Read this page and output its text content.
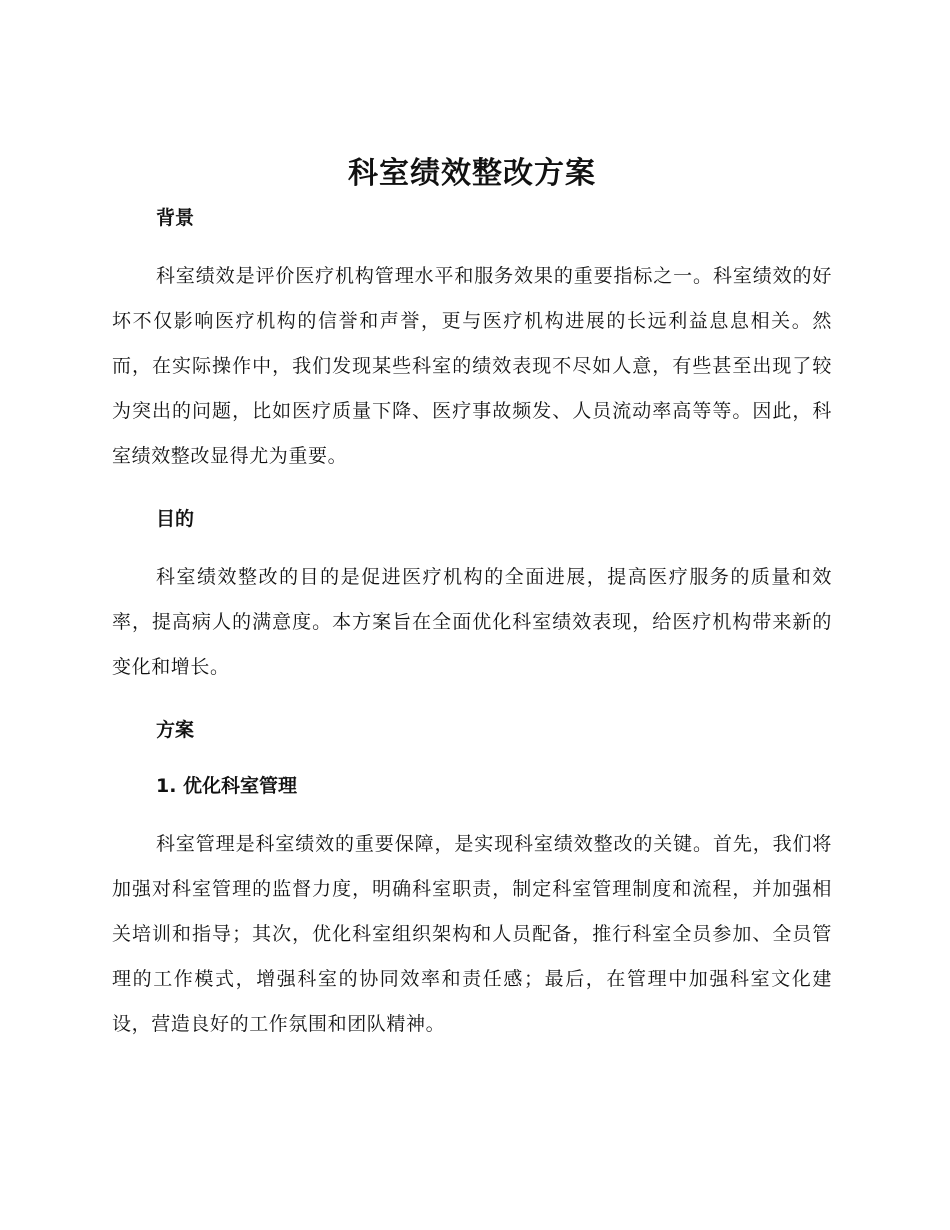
科室绩效整改方案
背景

科室绩效是评价医疗机构管理水平和服务效果的重要指标之一。科室绩效的好坏不仅影响医疗机构的信誉和声誉，更与医疗机构进展的长远利益息息相关。然而，在实际操作中，我们发现某些科室的绩效表现不尽如人意，有些甚至出现了较为突出的问题，比如医疗质量下降、医疗事故频发、人员流动率高等等。因此，科室绩效整改显得尤为重要。

目的

科室绩效整改的目的是促进医疗机构的全面进展，提高医疗服务的质量和效率，提高病人的满意度。本方案旨在全面优化科室绩效表现，给医疗机构带来新的变化和增长。

方案
1. 优化科室管理

科室管理是科室绩效的重要保障，是实现科室绩效整改的关键。首先，我们将加强对科室管理的监督力度，明确科室职责，制定科室管理制度和流程，并加强相关培训和指导；其次，优化科室组织架构和人员配备，推行科室全员参加、全员管理的工作模式，增强科室的协同效率和责任感；最后，在管理中加强科室文化建设，营造良好的工作氛围和团队精神。
